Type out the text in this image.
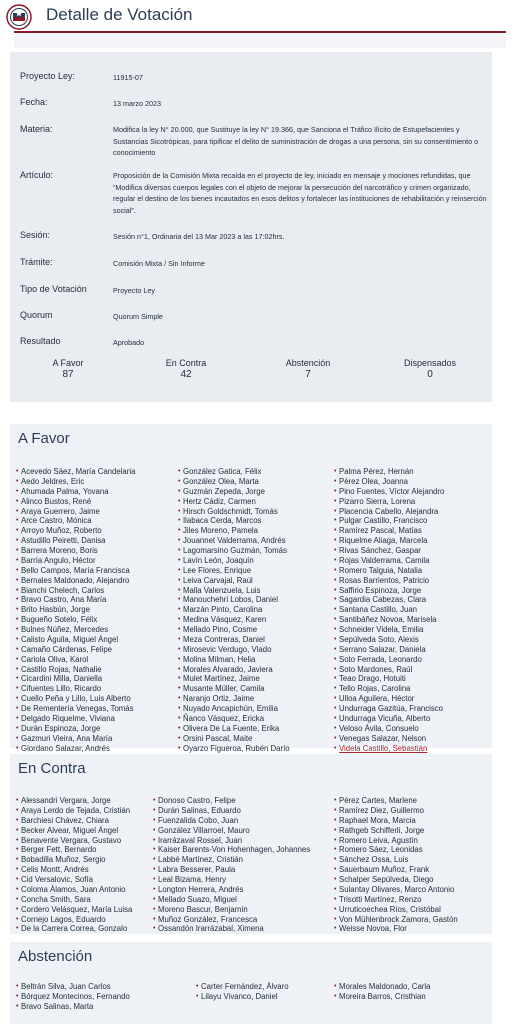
Detalle de Votación
Proyecto Ley:	11915-07
Fecha:	13 marzo 2023
Materia:	Modifica la ley N° 20.000, que Sustituye la ley N° 19.366, que Sanciona el Tráfico Ilícito de Estupefacientes y Sustancias Sicotrópicas, para tipificar el delito de suministración de drogas a una persona, sin su consentimiento o conocimiento
Artículo:	Proposición de la Comisión Mixta recaída en el proyecto de ley, iniciado en mensaje y mociones refundidas, que “Modifica diversos cuerpos legales con el objeto de mejorar la persecución del narcotráfico y crimen organizado, regular el destino de los bienes incautados en esos delitos y fortalecer las instituciones de rehabilitación y reinserción social”.
Sesión:	Sesión n°1, Ordinaria del 13 Mar 2023 a las 17:02hrs.
Trámite:	Comisión Mixta / Sin Informe
Tipo de Votación	Proyecto Ley
Quorum	Quorum Simple
Resultado	Aprobado
A Favor
87
En Contra
42
Abstención
7
Dispensados
0
A Favor
• Acevedo Sáez, María Candelaria
• Aedo Jeldres, Eric
• Ahumada Palma, Yovana
• Alinco Bustos, René
• Araya Guerrero, Jaime
• Arce Castro, Mónica
• Arroyo Muñoz, Roberto
• Astudillo Peiretti, Danisa
• Barrera Moreno, Boris
• Barría Angulo, Héctor
• Bello Campos, María Francisca
• Bernales Maldonado, Alejandro
• Bianchi Chelech, Carlos
• Bravo Castro, Ana María
• Brito Hasbún, Jorge
• Bugueño Sotelo, Félix
• Bulnes Núñez, Mercedes
• Calisto Águila, Miguel Ángel
• Camaño Cárdenas, Felipe
• Cariola Oliva, Karol
• Castillo Rojas, Nathalie
• Cicardini Milla, Daniella
• Cifuentes Lillo, Ricardo
• Cuello Peña y Lillo, Luis Alberto
• De Rementería Venegas, Tomás
• Delgado Riquelme, Viviana
• Durán Espinoza, Jorge
• Gazmuri Vieira, Ana María
• Giordano Salazar, Andrés
• González Gatica, Félix
• González Olea, Marta
• Guzmán Zepeda, Jorge
• Hertz Cádiz, Carmen
• Hirsch Goldschmidt, Tomás
• Ilabaca Cerda, Marcos
• Jiles Moreno, Pamela
• Jouannet Valderrama, Andrés
• Lagomarsino Guzmán, Tomás
• Lavín León, Joaquín
• Lee Flores, Enrique
• Leiva Carvajal, Raúl
• Malla Valenzuela, Luis
• Manouchehri Lobos, Daniel
• Marzán Pinto, Carolina
• Medina Vásquez, Karen
• Mellado Pino, Cosme
• Meza Contreras, Daniel
• Mirosevic Verdugo, Vlado
• Molina Milman, Helia
• Morales Alvarado, Javiera
• Mulet Martínez, Jaime
• Musante Müller, Camila
• Naranjo Ortiz, Jaime
• Nuyado Ancapichún, Emilia
• Ñanco Vásquez, Ericka
• Olivera De La Fuente, Erika
• Orsini Pascal, Maite
• Oyarzo Figueroa, Rubén Darío
• Palma Pérez, Hernán
• Pérez Olea, Joanna
• Pino Fuentes, Víctor Alejandro
• Pizarro Sierra, Lorena
• Placencia Cabello, Alejandra
• Pulgar Castillo, Francisco
• Ramírez Pascal, Matías
• Riquelme Aliaga, Marcela
• Rivas Sánchez, Gaspar
• Rojas Valderrama, Camila
• Romero Talguia, Natalia
• Rosas Barrientos, Patricio
• Saffirio Espinoza, Jorge
• Sagardia Cabezas, Clara
• Santana Castillo, Juan
• Santibáñez Novoa, Marisela
• Schneider Videla, Emilia
• Sepúlveda Soto, Alexis
• Serrano Salazar, Daniela
• Soto Ferrada, Leonardo
• Soto Mardones, Raúl
• Teao Drago, Hotuiti
• Tello Rojas, Carolina
• Ulloa Aguilera, Héctor
• Undurraga Gazitúa, Francisco
• Undurraga Vicuña, Alberto
• Veloso Ávila, Consuelo
• Venegas Salazar, Nelson
• Videla Castillo, Sebastián
En Contra
• Alessandri Vergara, Jorge
• Araya Lerdo de Tejada, Cristián
• Barchiesi Chávez, Chiara
• Becker Alvear, Miguel Ángel
• Benavente Vergara, Gustavo
• Berger Fett, Bernardo
• Bobadilla Muñoz, Sergio
• Celis Montt, Andrés
• Cid Versalovic, Sofía
• Coloma Álamos, Juan Antonio
• Concha Smith, Sara
• Cordero Velásquez, María Luisa
• Cornejo Lagos, Eduardo
• De la Carrera Correa, Gonzalo
• Donoso Castro, Felipe
• Durán Salinas, Eduardo
• Fuenzalida Cobo, Juan
• González Villarroel, Mauro
• Irarrázaval Rossel, Juan
• Kaiser Barents-Von Hohenhagen, Johannes
• Labbé Martínez, Cristián
• Labra Besserer, Paula
• Leal Bizama, Henry
• Longton Herrera, Andrés
• Mellado Suazo, Miguel
• Moreno Bascur, Benjamín
• Muñoz González, Francesca
• Ossandón Irarrázabal, Ximena
• Pérez Cartes, Marlene
• Ramírez Diez, Guillermo
• Raphael Mora, Marcia
• Rathgeb Schifferli, Jorge
• Romero Leiva, Agustín
• Romero Sáez, Leonidas
• Sánchez Ossa, Luis
• Sauerbaum Muñoz, Frank
• Schalper Sepúlveda, Diego
• Sulantay Olivares, Marco Antonio
• Trisotti Martínez, Renzo
• Urruticoechea Ríos, Cristóbal
• Von Mühlenbrock Zamora, Gastón
• Weisse Novoa, Flor
Abstención
• Beltrán Silva, Juan Carlos
• Bórquez Montecinos, Fernando
• Bravo Salinas, Marta
• Carter Fernández, Álvaro
• Lilayu Vivanco, Daniel
• Morales Maldonado, Carla
• Moreira Barros, Cristhian
